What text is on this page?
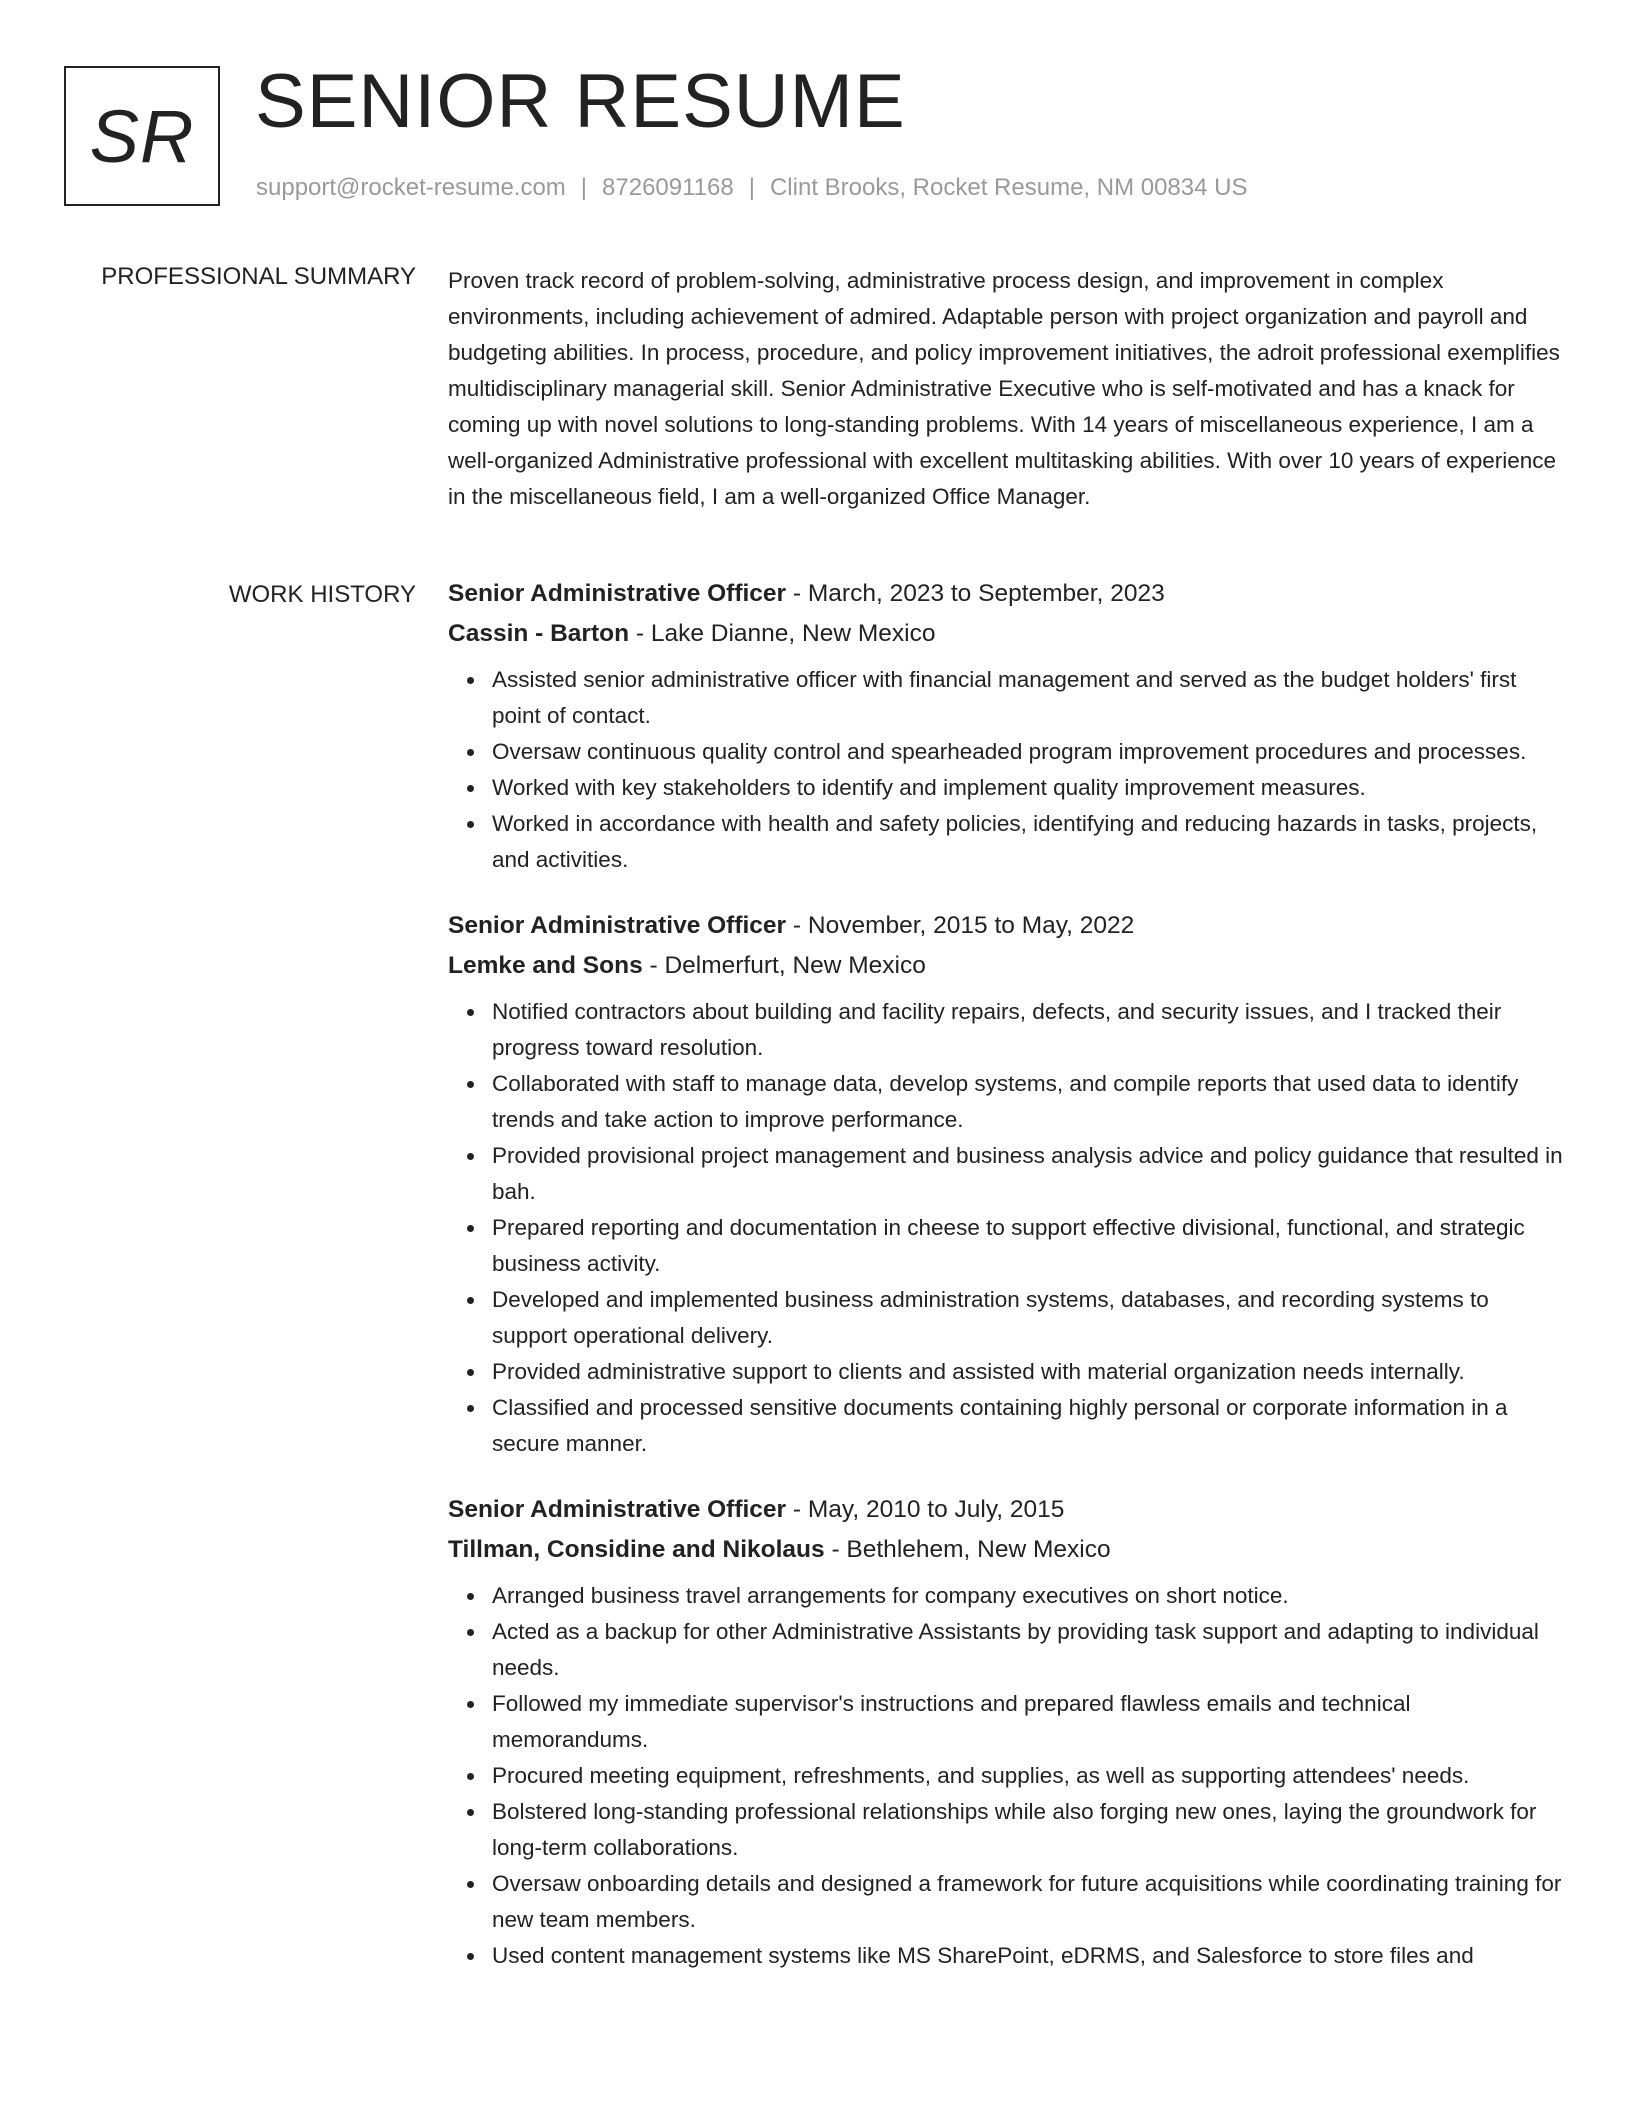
SR SENIOR RESUME
support@rocket-resume.com | 8726091168 | Clint Brooks, Rocket Resume, NM 00834 US
PROFESSIONAL SUMMARY Proven track record of problem-solving, administrative process design, and improvement in complex environments, including achievement of admired. Adaptable person with project organization and payroll and budgeting abilities. In process, procedure, and policy improvement initiatives, the adroit professional exemplifies multidisciplinary managerial skill. Senior Administrative Executive who is self-motivated and has a knack for coming up with novel solutions to long-standing problems. With 14 years of miscellaneous experience, I am a well-organized Administrative professional with excellent multitasking abilities. With over 10 years of experience in the miscellaneous field, I am a well-organized Office Manager.

WORK HISTORY Senior Administrative Officer - March, 2023 to September, 2023
Cassin - Barton - Lake Dianne, New Mexico
Assisted senior administrative officer with financial management and served as the budget holders' first point of contact.
Oversaw continuous quality control and spearheaded program improvement procedures and processes.
Worked with key stakeholders to identify and implement quality improvement measures.
Worked in accordance with health and safety policies, identifying and reducing hazards in tasks, projects, and activities.
Senior Administrative Officer - November, 2015 to May, 2022
Lemke and Sons - Delmerfurt, New Mexico
Notified contractors about building and facility repairs, defects, and security issues, and I tracked their progress toward resolution.
Collaborated with staff to manage data, develop systems, and compile reports that used data to identify trends and take action to improve performance.
Provided provisional project management and business analysis advice and policy guidance that resulted in bah.
Prepared reporting and documentation in cheese to support effective divisional, functional, and strategic business activity.
Developed and implemented business administration systems, databases, and recording systems to support operational delivery.
Provided administrative support to clients and assisted with material organization needs internally.
Classified and processed sensitive documents containing highly personal or corporate information in a secure manner.
Senior Administrative Officer - May, 2010 to July, 2015
Tillman, Considine and Nikolaus - Bethlehem, New Mexico
Arranged business travel arrangements for company executives on short notice.
Acted as a backup for other Administrative Assistants by providing task support and adapting to individual needs.
Followed my immediate supervisor's instructions and prepared flawless emails and technical memorandums.
Procured meeting equipment, refreshments, and supplies, as well as supporting attendees' needs.
Bolstered long-standing professional relationships while also forging new ones, laying the groundwork for long-term collaborations.
Oversaw onboarding details and designed a framework for future acquisitions while coordinating training for new team members.
Used content management systems like MS SharePoint, eDRMS, and Salesforce to store files and
